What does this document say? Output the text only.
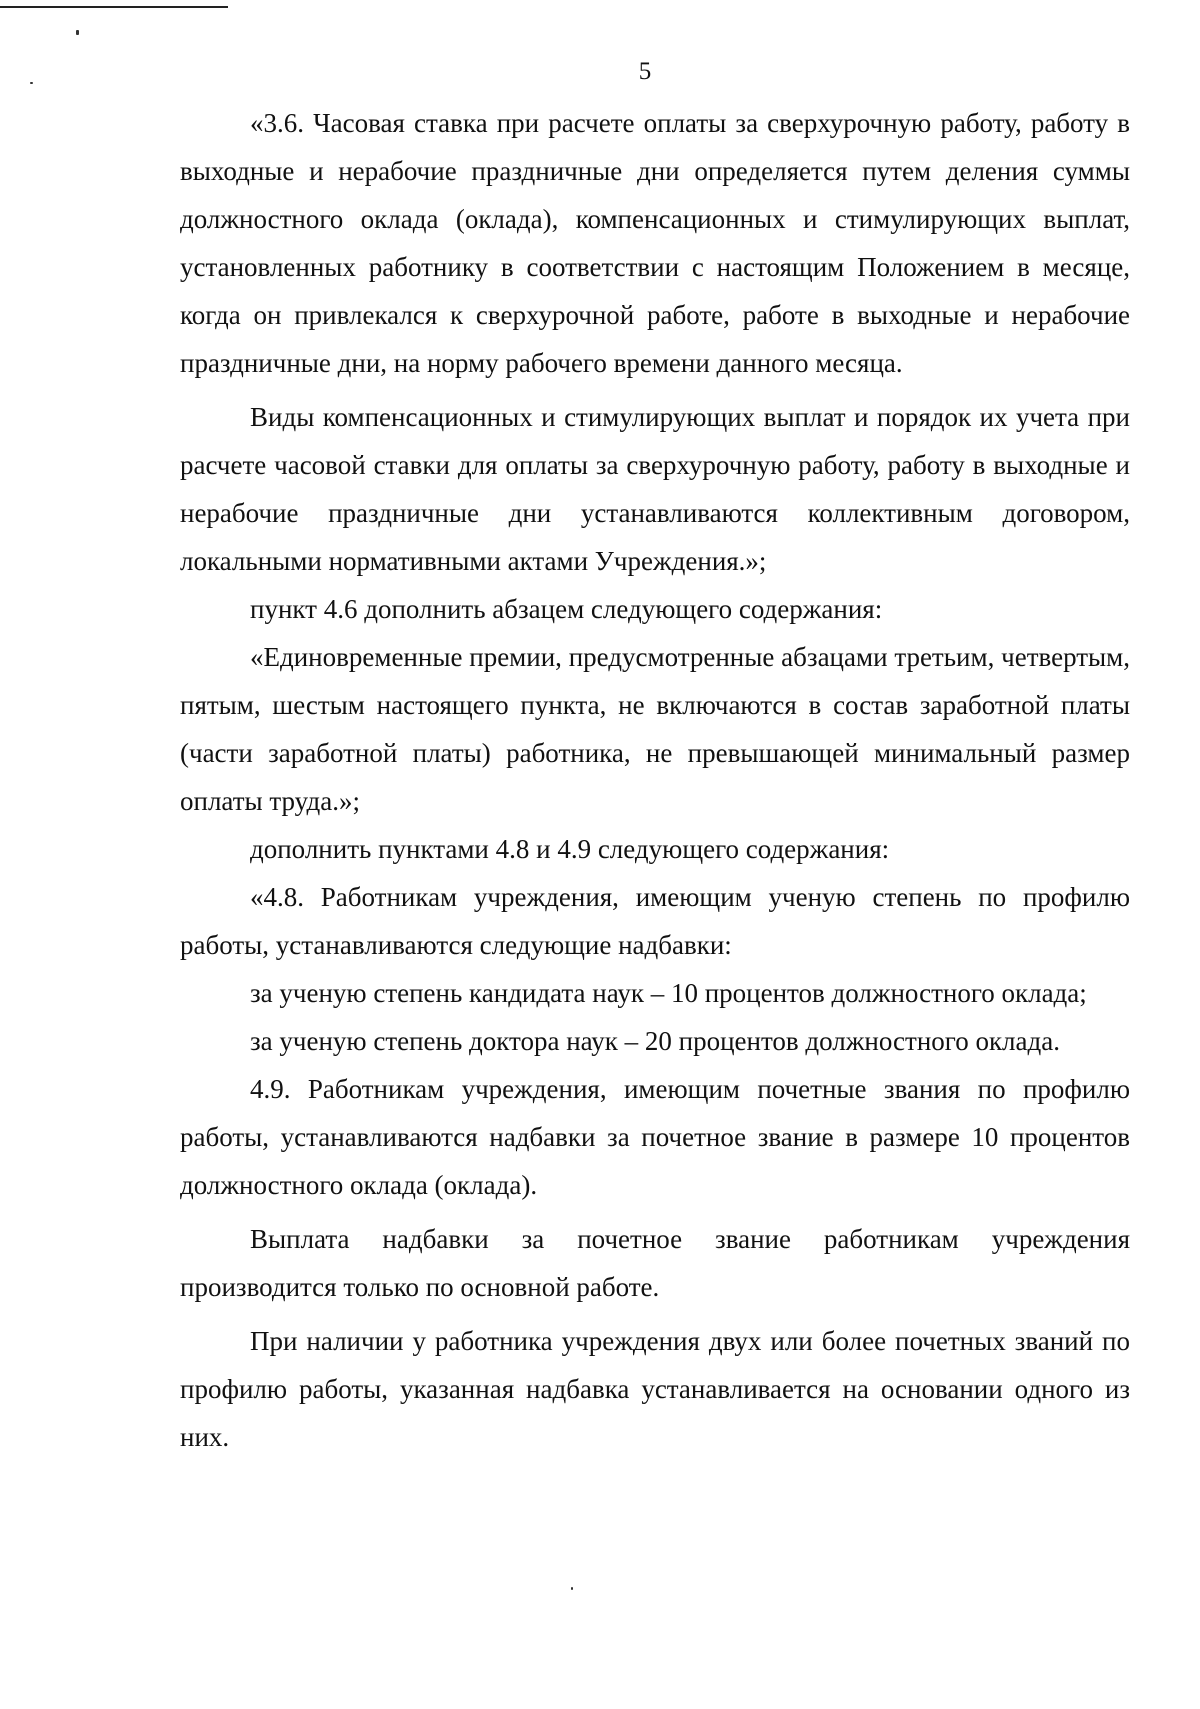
5

«3.6. Часовая ставка при расчете оплаты за сверхурочную работу, работу в выходные и нерабочие праздничные дни определяется путем деления суммы должностного оклада (оклада), компенсационных и стимулирующих выплат, установленных работнику в соответствии с настоящим Положением в месяце, когда он привлекался к сверхурочной работе, работе в выходные и нерабочие праздничные дни, на норму рабочего времени данного месяца.

Виды компенсационных и стимулирующих выплат и порядок их учета при расчете часовой ставки для оплаты за сверхурочную работу, работу в выходные и нерабочие праздничные дни устанавливаются коллективным договором, локальными нормативными актами Учреждения.»;

пункт 4.6 дополнить абзацем следующего содержания:

«Единовременные премии, предусмотренные абзацами третьим, четвертым, пятым, шестым настоящего пункта, не включаются в состав заработной платы (части заработной платы) работника, не превышающей минимальный размер оплаты труда.»;

дополнить пунктами 4.8 и 4.9 следующего содержания:

«4.8. Работникам учреждения, имеющим ученую степень по профилю работы, устанавливаются следующие надбавки:

за ученую степень кандидата наук – 10 процентов должностного оклада;

за ученую степень доктора наук – 20 процентов должностного оклада.

4.9. Работникам учреждения, имеющим почетные звания по профилю работы, устанавливаются надбавки за почетное звание в размере 10 процентов должностного оклада (оклада).

Выплата надбавки за почетное звание работникам учреждения производится только по основной работе.

При наличии у работника учреждения двух или более почетных званий по профилю работы, указанная надбавка устанавливается на основании одного из них.
